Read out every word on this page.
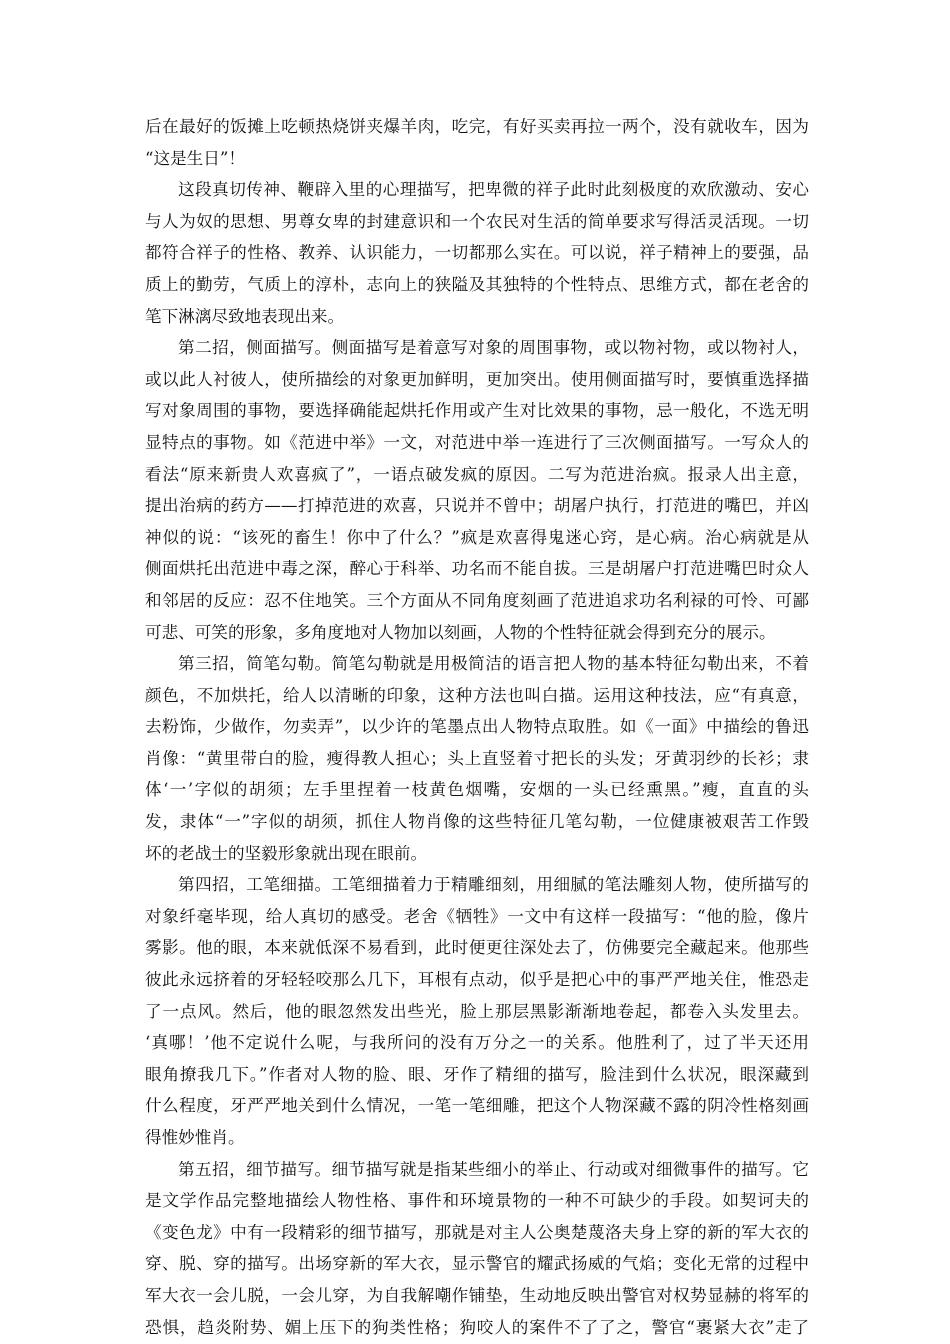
后在最好的饭摊上吃顿热烧饼夹爆羊肉，吃完，有好买卖再拉一两个，没有就收车，因为
“这是生日”！
这段真切传神、鞭辟入里的心理描写，把卑微的祥子此时此刻极度的欢欣激动、安心
与人为奴的思想、男尊女卑的封建意识和一个农民对生活的简单要求写得活灵活现。一切
都符合祥子的性格、教养、认识能力，一切都那么实在。可以说，祥子精神上的要强，品
质上的勤劳，气质上的淳朴，志向上的狭隘及其独特的个性特点、思维方式，都在老舍的
笔下淋漓尽致地表现出来。
第二招，侧面描写。侧面描写是着意写对象的周围事物，或以物衬物，或以物衬人，
或以此人衬彼人，使所描绘的对象更加鲜明，更加突出。使用侧面描写时，要慎重选择描
写对象周围的事物，要选择确能起烘托作用或产生对比效果的事物，忌一般化，不选无明
显特点的事物。如《范进中举》一文，对范进中举一连进行了三次侧面描写。一写众人的
看法“原来新贵人欢喜疯了”，一语点破发疯的原因。二写为范进治疯。报录人出主意，
提出治病的药方——打掉范进的欢喜，只说并不曾中；胡屠户执行，打范进的嘴巴，并凶
神似的说：“该死的畜生！你中了什么？”疯是欢喜得鬼迷心窍，是心病。治心病就是从
侧面烘托出范进中毒之深，醉心于科举、功名而不能自拔。三是胡屠户打范进嘴巴时众人
和邻居的反应：忍不住地笑。三个方面从不同角度刻画了范进追求功名利禄的可怜、可鄙
可悲、可笑的形象，多角度地对人物加以刻画，人物的个性特征就会得到充分的展示。
第三招，简笔勾勒。简笔勾勒就是用极简洁的语言把人物的基本特征勾勒出来，不着
颜色，不加烘托，给人以清晰的印象，这种方法也叫白描。运用这种技法，应“有真意，
去粉饰，少做作，勿卖弄”，以少许的笔墨点出人物特点取胜。如《一面》中描绘的鲁迅
肖像：“黄里带白的脸，瘦得教人担心；头上直竖着寸把长的头发；牙黄羽纱的长衫；隶
体‘一’字似的胡须；左手里捏着一枝黄色烟嘴，安烟的一头已经熏黑。”瘦，直直的头
发，隶体“一”字似的胡须，抓住人物肖像的这些特征几笔勾勒，一位健康被艰苦工作毁
坏的老战士的坚毅形象就出现在眼前。
第四招，工笔细描。工笔细描着力于精雕细刻，用细腻的笔法雕刻人物，使所描写的
对象纤毫毕现，给人真切的感受。老舍《牺牲》一文中有这样一段描写：“他的脸，像片
雾影。他的眼，本来就低深不易看到，此时便更往深处去了，仿佛要完全藏起来。他那些
彼此永远挤着的牙轻轻咬那么几下，耳根有点动，似乎是把心中的事严严地关住，惟恐走
了一点风。然后，他的眼忽然发出些光，脸上那层黑影渐渐地卷起，都卷入头发里去。
‘真哪！’他不定说什么呢，与我所问的没有万分之一的关系。他胜利了，过了半天还用
眼角撩我几下。”作者对人物的脸、眼、牙作了精细的描写，脸洼到什么状况，眼深藏到
什么程度，牙严严地关到什么情况，一笔一笔细雕，把这个人物深藏不露的阴冷性格刻画
得惟妙惟肖。
第五招，细节描写。细节描写就是指某些细小的举止、行动或对细微事件的描写。它
是文学作品完整地描绘人物性格、事件和环境景物的一种不可缺少的手段。如契诃夫的
《变色龙》中有一段精彩的细节描写，那就是对主人公奥楚蔑洛夫身上穿的新的军大衣的
穿、脱、穿的描写。出场穿新的军大衣，显示警官的耀武扬威的气焰；变化无常的过程中
军大衣一会儿脱，一会儿穿，为自我解嘲作铺垫，生动地反映出警官对权势显赫的将军的
恐惧，趋炎附势、媚上压下的狗类性格；狗咬人的案件不了了之，警官“裹紧大衣”走了
